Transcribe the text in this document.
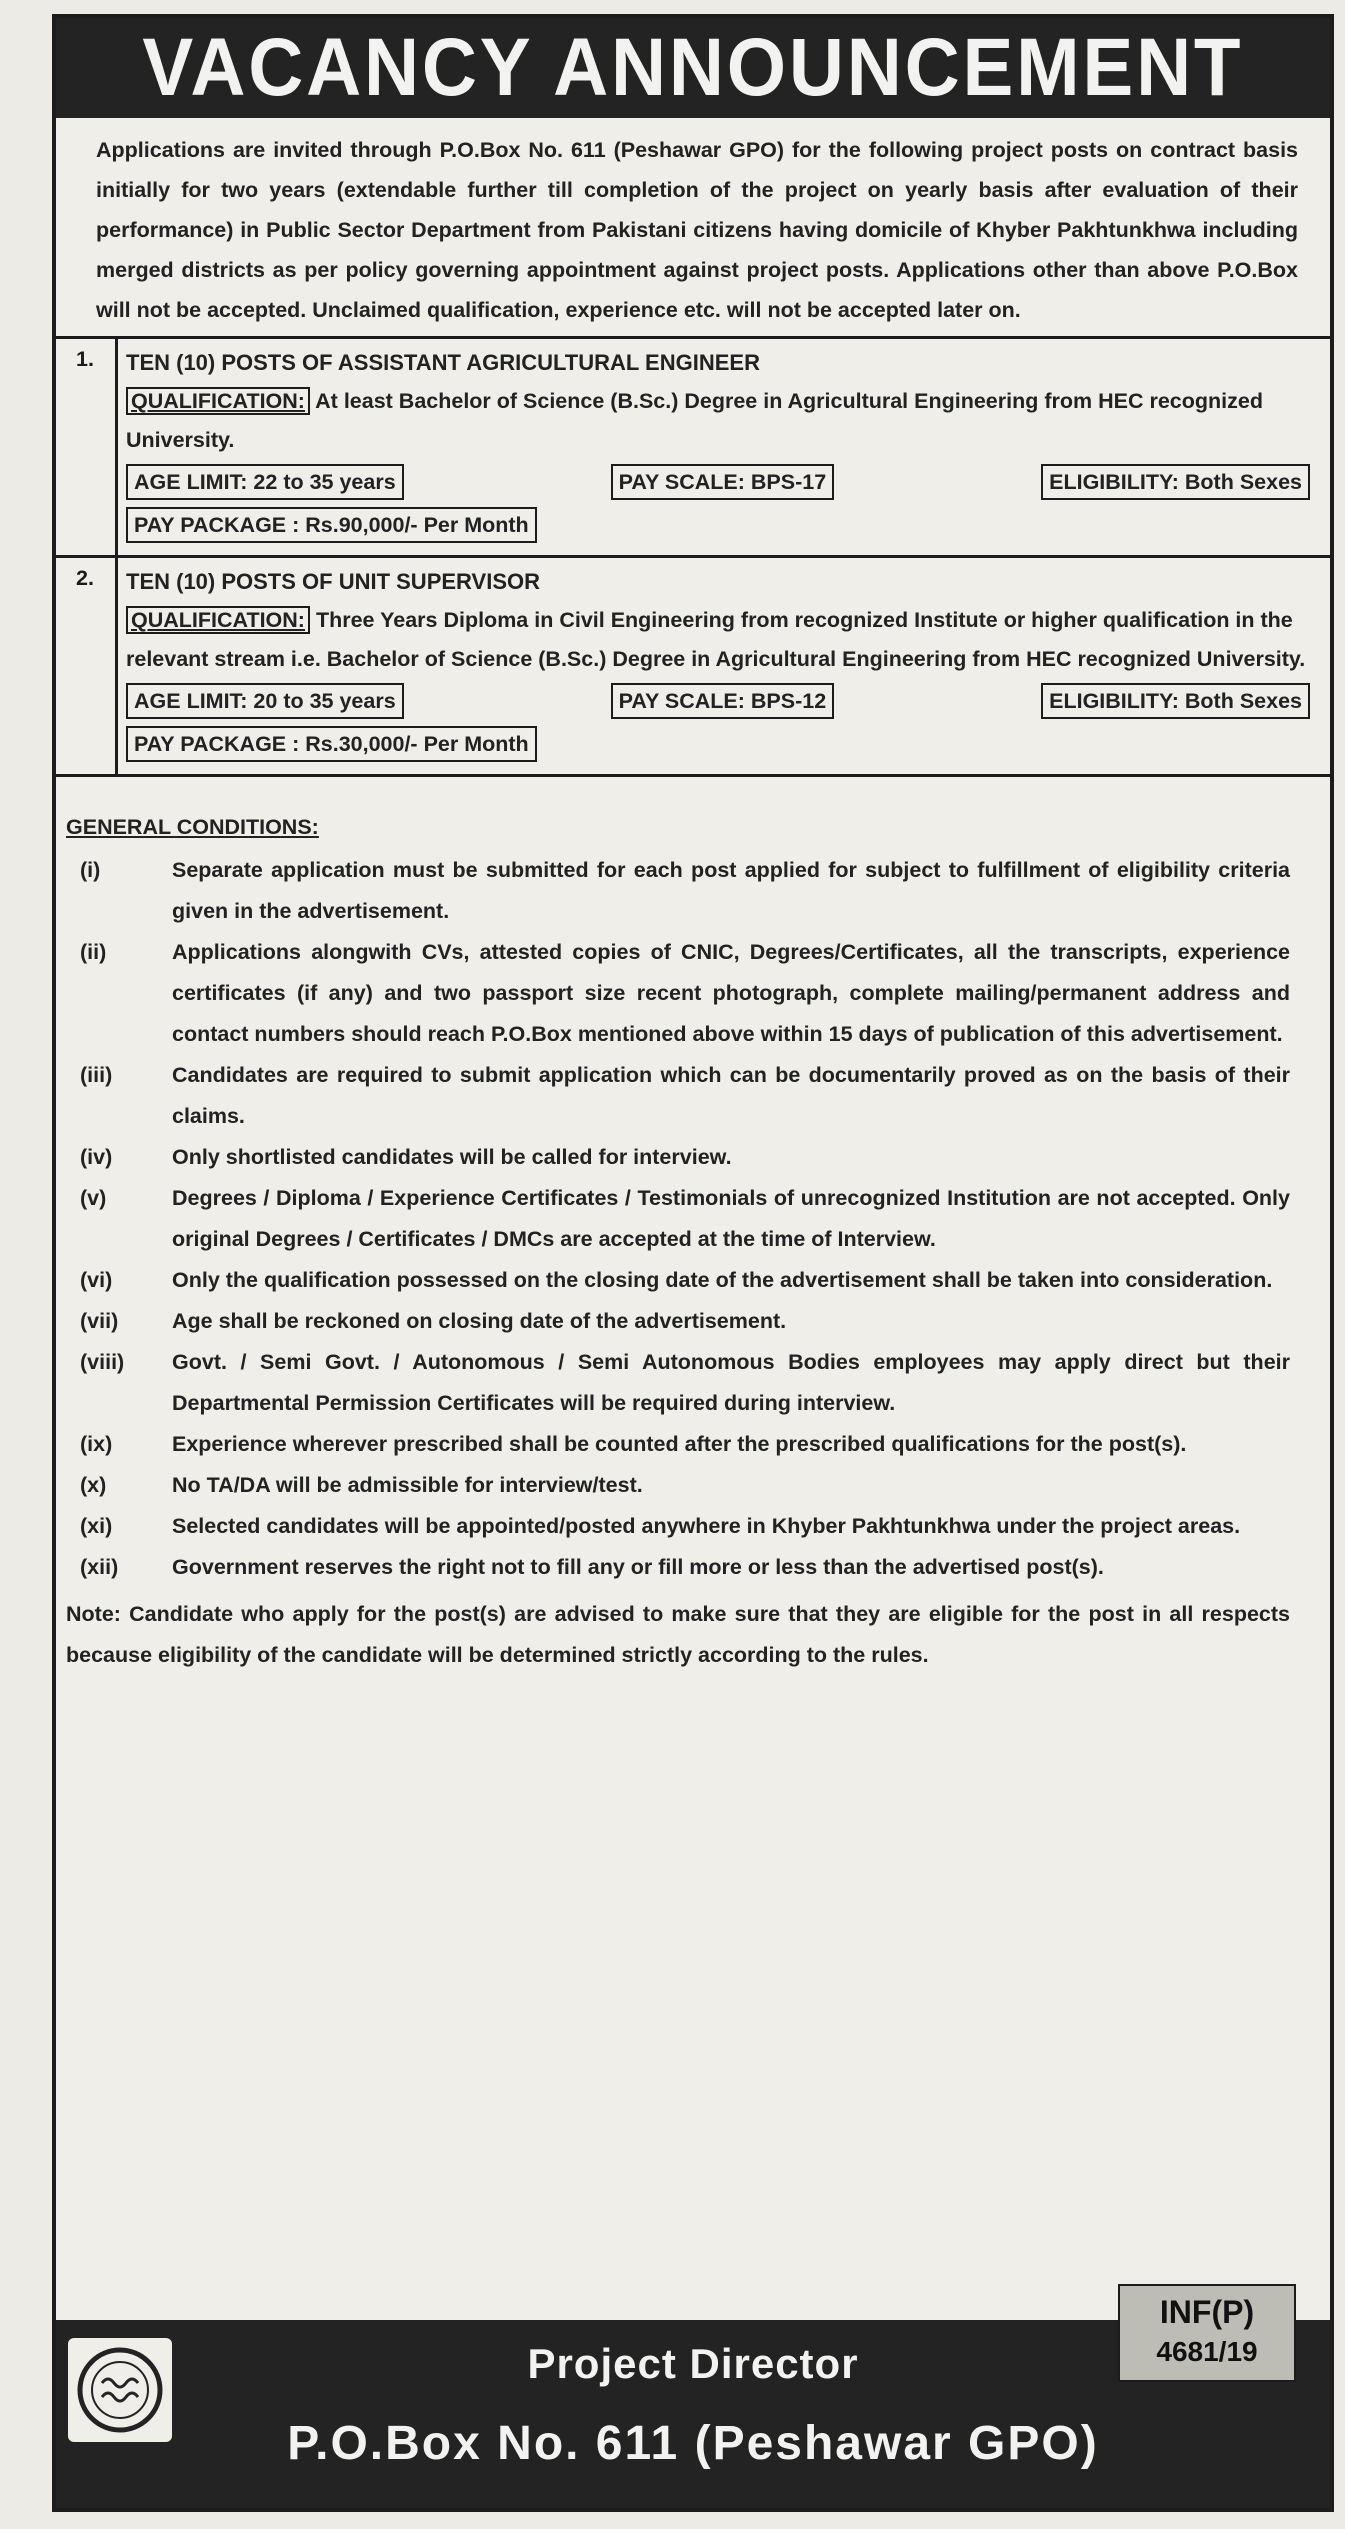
VACANCY ANNOUNCEMENT
Applications are invited through P.O.Box No. 611 (Peshawar GPO) for the following project posts on contract basis initially for two years (extendable further till completion of the project on yearly basis after evaluation of their performance) in Public Sector Department from Pakistani citizens having domicile of Khyber Pakhtunkhwa including merged districts as per policy governing appointment against project posts. Applications other than above P.O.Box will not be accepted. Unclaimed qualification, experience etc. will not be accepted later on.
1.	TEN (10) POSTS OF ASSISTANT AGRICULTURAL ENGINEER
QUALIFICATION: At least Bachelor of Science (B.Sc.) Degree in Agricultural Engineering from HEC recognized University.
AGE LIMIT: 22 to 35 years	PAY SCALE: BPS-17	ELIGIBILITY: Both Sexes
PAY PACKAGE : Rs.90,000/- Per Month
2.	TEN (10) POSTS OF UNIT SUPERVISOR
QUALIFICATION: Three Years Diploma in Civil Engineering from recognized Institute or higher qualification in the relevant stream i.e. Bachelor of Science (B.Sc.) Degree in Agricultural Engineering from HEC recognized University.
AGE LIMIT: 20 to 35 years	PAY SCALE: BPS-12	ELIGIBILITY: Both Sexes
PAY PACKAGE : Rs.30,000/- Per Month
GENERAL CONDITIONS:
(i)	Separate application must be submitted for each post applied for subject to fulfillment of eligibility criteria given in the advertisement.
(ii)	Applications alongwith CVs, attested copies of CNIC, Degrees/Certificates, all the transcripts, experience certificates (if any) and two passport size recent photograph, complete mailing/permanent address and contact numbers should reach P.O.Box mentioned above within 15 days of publication of this advertisement.
(iii)	Candidates are required to submit application which can be documentarily proved as on the basis of their claims.
(iv)	Only shortlisted candidates will be called for interview.
(v)	Degrees / Diploma / Experience Certificates / Testimonials of unrecognized Institution are not accepted. Only original Degrees / Certificates / DMCs are accepted at the time of Interview.
(vi)	Only the qualification possessed on the closing date of the advertisement shall be taken into consideration.
(vii)	Age shall be reckoned on closing date of the advertisement.
(viii)	Govt. / Semi Govt. / Autonomous / Semi Autonomous Bodies employees may apply direct but their Departmental Permission Certificates will be required during interview.
(ix)	Experience wherever prescribed shall be counted after the prescribed qualifications for the post(s).
(x)	No TA/DA will be admissible for interview/test.
(xi)	Selected candidates will be appointed/posted anywhere in Khyber Pakhtunkhwa under the project areas.
(xii)	Government reserves the right not to fill any or fill more or less than the advertised post(s).
Note: Candidate who apply for the post(s) are advised to make sure that they are eligible for the post in all respects because eligibility of the candidate will be determined strictly according to the rules.
INF(P)
4681/19
Project Director
P.O.Box No. 611 (Peshawar GPO)
